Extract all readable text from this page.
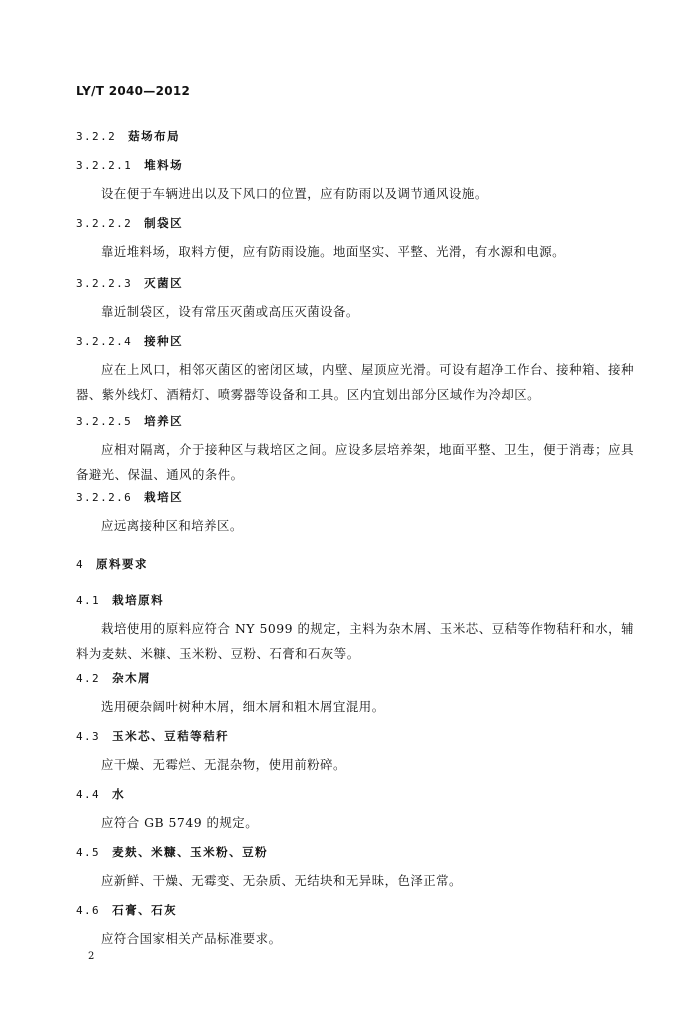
LY/T 2040—2012
3.2.2 菇场布局
3.2.2.1 堆料场
设在便于车辆进出以及下风口的位置，应有防雨以及调节通风设施。
3.2.2.2 制袋区
靠近堆料场，取料方便，应有防雨设施。地面坚实、平整、光滑，有水源和电源。
3.2.2.3 灭菌区
靠近制袋区，设有常压灭菌或高压灭菌设备。
3.2.2.4 接种区
应在上风口，相邻灭菌区的密闭区域，内壁、屋顶应光滑。可设有超净工作台、接种箱、接种器、紫外线灯、酒精灯、喷雾器等设备和工具。区内宜划出部分区域作为冷却区。
3.2.2.5 培养区
应相对隔离，介于接种区与栽培区之间。应设多层培养架，地面平整、卫生，便于消毒；应具备避光、保温、通风的条件。
3.2.2.6 栽培区
应远离接种区和培养区。
4 原料要求
4.1 栽培原料
栽培使用的原料应符合 NY 5099 的规定，主料为杂木屑、玉米芯、豆秸等作物秸秆和水，辅料为麦麸、米糠、玉米粉、豆粉、石膏和石灰等。
4.2 杂木屑
选用硬杂阔叶树种木屑，细木屑和粗木屑宜混用。
4.3 玉米芯、豆秸等秸秆
应干燥、无霉烂、无混杂物，使用前粉碎。
4.4 水
应符合 GB 5749 的规定。
4.5 麦麸、米糠、玉米粉、豆粉
应新鲜、干燥、无霉变、无杂质、无结块和无异昧，色泽正常。
4.6 石膏、石灰
应符合国家相关产品标准要求。
2
